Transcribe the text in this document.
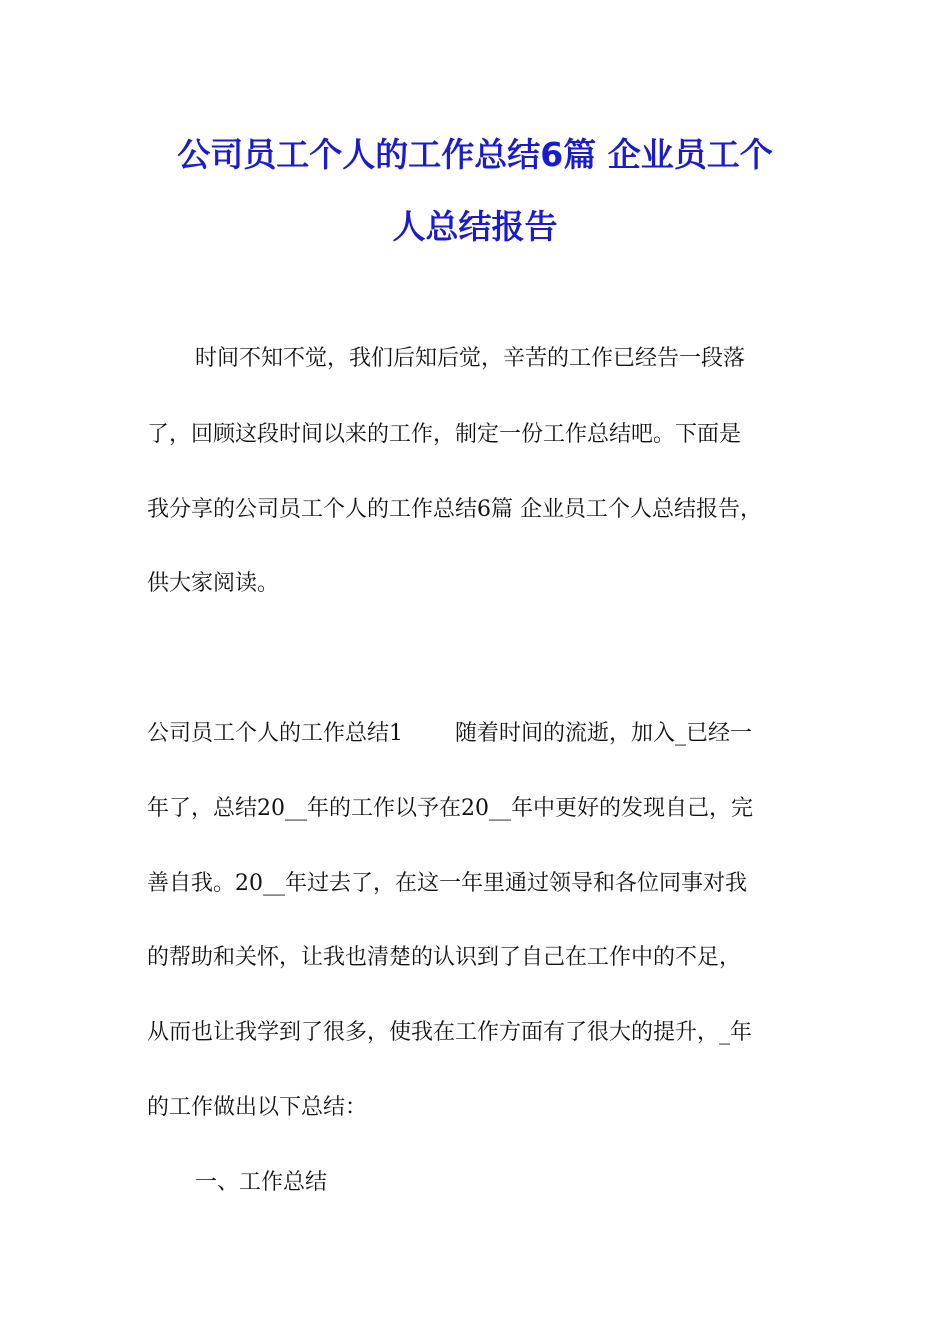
公司员工个人的工作总结6篇 企业员工个
人总结报告
时间不知不觉，我们后知后觉，辛苦的工作已经告一段落
了，回顾这段时间以来的工作，制定一份工作总结吧。下面是
我分享的公司员工个人的工作总结6篇 企业员工个人总结报告，
供大家阅读。
公司员工个人的工作总结1 随着时间的流逝，加入_已经一
年了，总结20__年的工作以予在20__年中更好的发现自己，完
善自我。20__年过去了，在这一年里通过领导和各位同事对我
的帮助和关怀，让我也清楚的认识到了自己在工作中的不足，
从而也让我学到了很多，使我在工作方面有了很大的提升，_年
的工作做出以下总结：
一、工作总结
